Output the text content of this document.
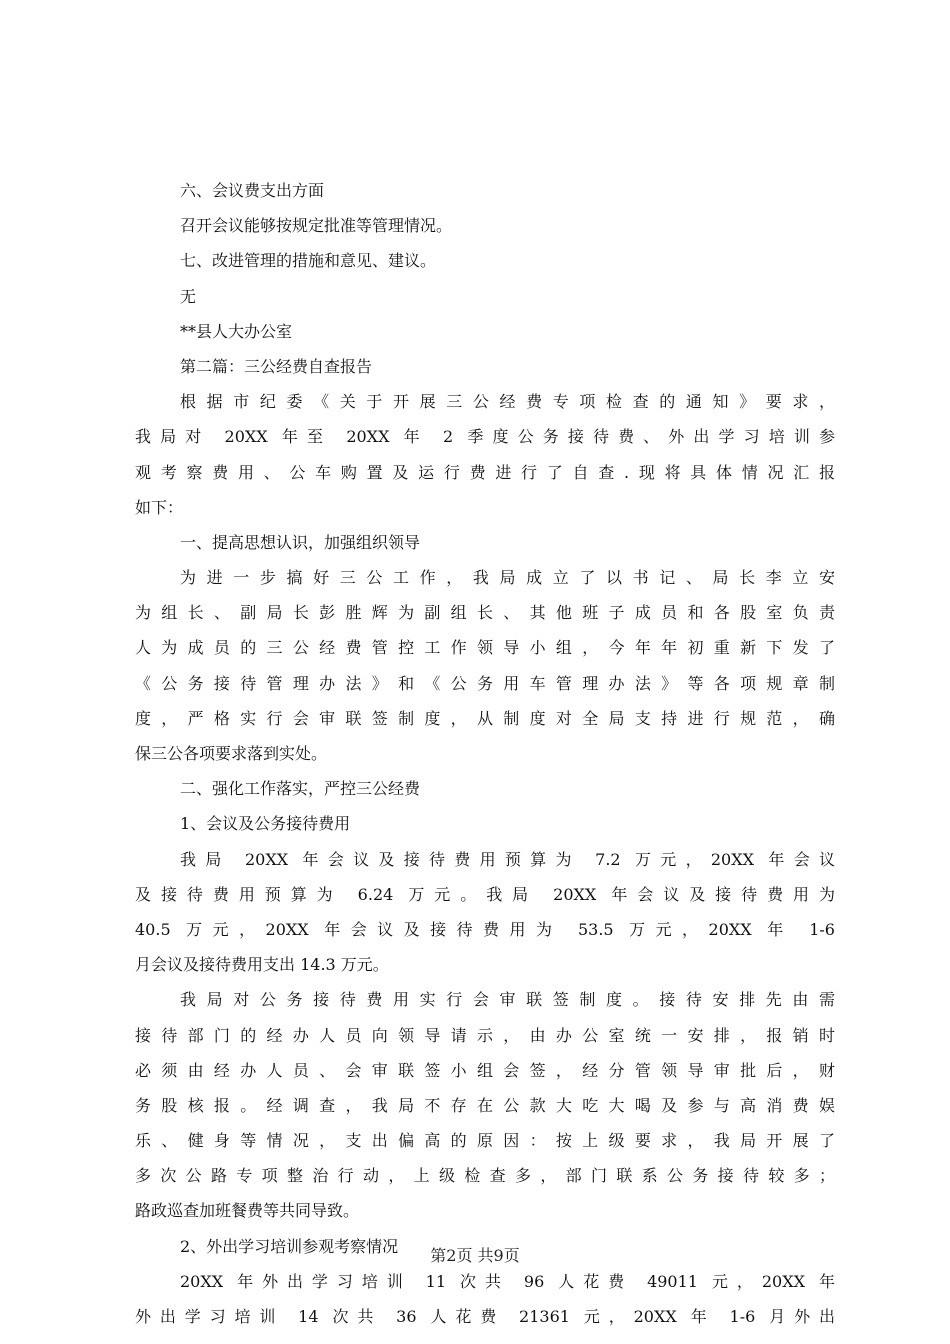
六、会议费支出方面
召开会议能够按规定批准等管理情况。
七、改进管理的措施和意见、建议。
无
**县人大办公室
第二篇：三公经费自查报告
根据市纪委《关于开展三公经费专项检查的通知》要求，
我局对 20XX 年至 20XX 年 2 季度公务接待费、外出学习培训参
观考察费用、公车购置及运行费进行了自查.现将具体情况汇报
如下：
一、提高思想认识，加强组织领导
为进一步搞好三公工作，我局成立了以书记、局长李立安
为组长、副局长彭胜辉为副组长、其他班子成员和各股室负责
人为成员的三公经费管控工作领导小组，今年年初重新下发了
《公务接待管理办法》和《公务用车管理办法》等各项规章制
度，严格实行会审联签制度，从制度对全局支持进行规范，确
保三公各项要求落到实处。
二、强化工作落实，严控三公经费
1、会议及公务接待费用
我局 20XX 年会议及接待费用预算为 7.2 万元，20XX 年会议
及接待费用预算为 6.24 万元。我局 20XX 年会议及接待费用为
40.5 万元，20XX 年会议及接待费用为 53.5 万元，20XX 年 1-6
月会议及接待费用支出 14.3 万元。
我局对公务接待费用实行会审联签制度。接待安排先由需
接待部门的经办人员向领导请示，由办公室统一安排，报销时
必须由经办人员、会审联签小组会签，经分管领导审批后，财
务股核报。经调查，我局不存在公款大吃大喝及参与高消费娱
乐、健身等情况，支出偏高的原因：按上级要求，我局开展了
多次公路专项整治行动，上级检查多，部门联系公务接待较多；
路政巡查加班餐费等共同导致。
2、外出学习培训参观考察情况
20XX 年外出学习培训 11 次共 96 人花费 49011 元，20XX 年
外出学习培训 14 次共 36 人花费 21361 元，20XX 年 1-6 月外出
第2页 共9页
